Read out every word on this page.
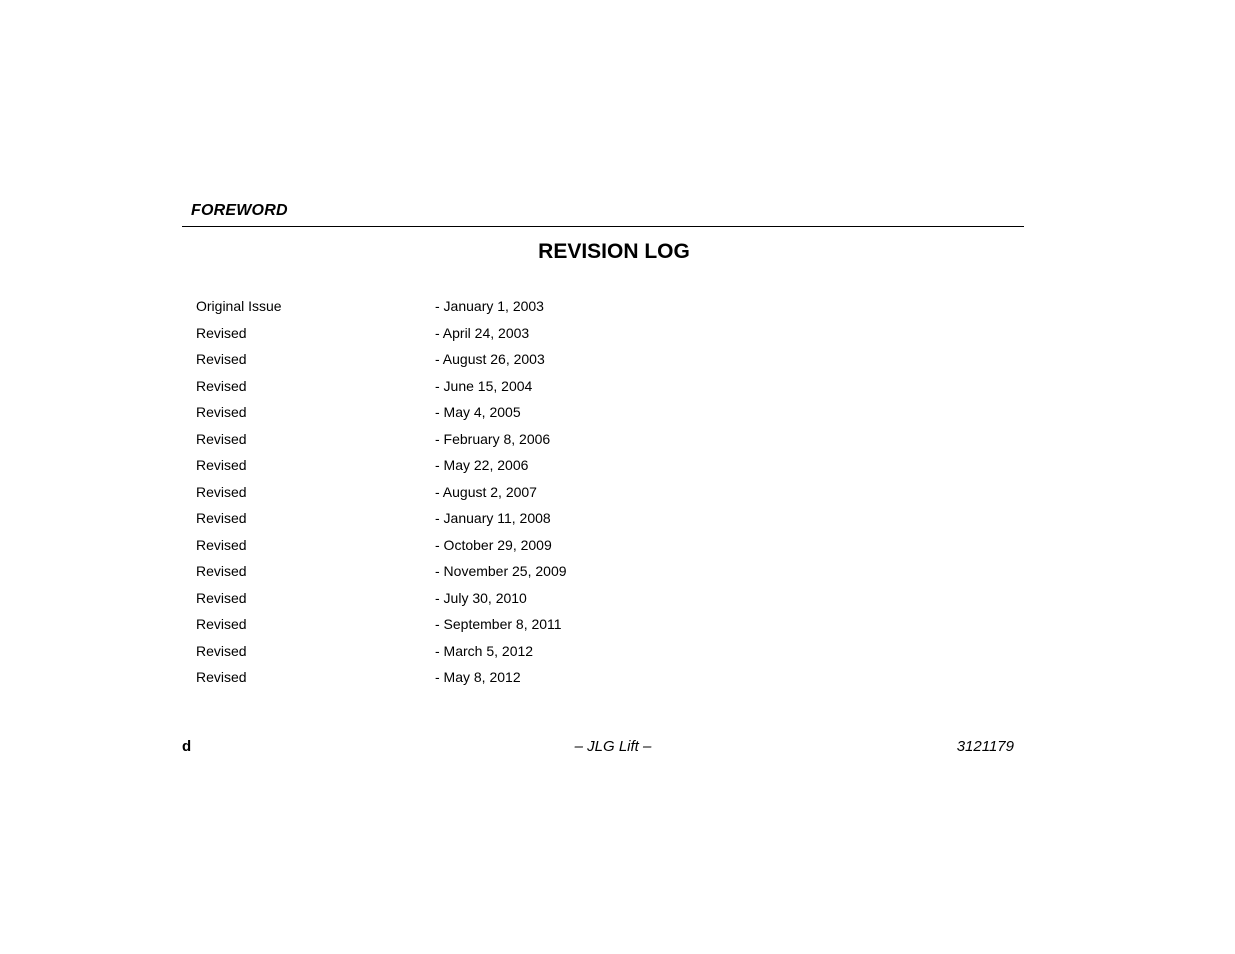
FOREWORD
REVISION LOG
Original Issue	- January 1, 2003
Revised	- April 24, 2003
Revised	- August 26, 2003
Revised	- June 15, 2004
Revised	- May 4, 2005
Revised	- February 8, 2006
Revised	- May 22, 2006
Revised	- August 2, 2007
Revised	- January 11, 2008
Revised	- October 29, 2009
Revised	- November 25, 2009
Revised	- July 30, 2010
Revised	- September 8, 2011
Revised	- March 5, 2012
Revised	- May 8, 2012
d	– JLG Lift –	3121179
